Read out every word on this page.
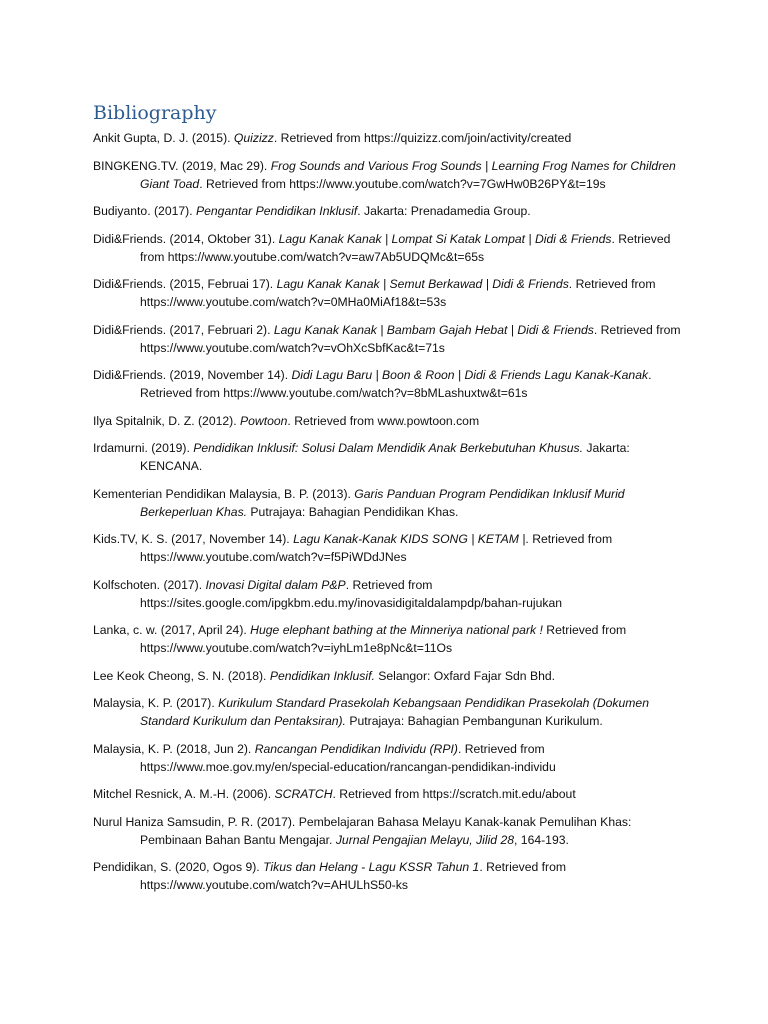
Bibliography
Ankit Gupta, D. J. (2015). Quizizz. Retrieved from https://quizizz.com/join/activity/created
BINGKENG.TV. (2019, Mac 29). Frog Sounds and Various Frog Sounds | Learning Frog Names for Children Giant Toad. Retrieved from https://www.youtube.com/watch?v=7GwHw0B26PY&t=19s
Budiyanto. (2017). Pengantar Pendidikan Inklusif. Jakarta: Prenadamedia Group.
Didi&Friends. (2014, Oktober 31). Lagu Kanak Kanak | Lompat Si Katak Lompat | Didi & Friends. Retrieved from https://www.youtube.com/watch?v=aw7Ab5UDQMc&t=65s
Didi&Friends. (2015, Februai 17). Lagu Kanak Kanak | Semut Berkawad | Didi & Friends. Retrieved from https://www.youtube.com/watch?v=0MHa0MiAf18&t=53s
Didi&Friends. (2017, Februari 2). Lagu Kanak Kanak | Bambam Gajah Hebat | Didi & Friends. Retrieved from https://www.youtube.com/watch?v=vOhXcSbfKac&t=71s
Didi&Friends. (2019, November 14). Didi Lagu Baru | Boon & Roon | Didi & Friends Lagu Kanak-Kanak. Retrieved from https://www.youtube.com/watch?v=8bMLashuxtw&t=61s
Ilya Spitalnik, D. Z. (2012). Powtoon. Retrieved from www.powtoon.com
Irdamurni. (2019). Pendidikan Inklusif: Solusi Dalam Mendidik Anak Berkebutuhan Khusus. Jakarta: KENCANA.
Kementerian Pendidikan Malaysia, B. P. (2013). Garis Panduan Program Pendidikan Inklusif Murid Berkeperluan Khas. Putrajaya: Bahagian Pendidikan Khas.
Kids.TV, K. S. (2017, November 14). Lagu Kanak-Kanak KIDS SONG | KETAM |. Retrieved from https://www.youtube.com/watch?v=f5PiWDdJNes
Kolfschoten. (2017). Inovasi Digital dalam P&P. Retrieved from https://sites.google.com/ipgkbm.edu.my/inovasidigitaldalampdp/bahan-rujukan
Lanka, c. w. (2017, April 24). Huge elephant bathing at the Minneriya national park ! Retrieved from https://www.youtube.com/watch?v=iyhLm1e8pNc&t=11Os
Lee Keok Cheong, S. N. (2018). Pendidikan Inklusif. Selangor: Oxfard Fajar Sdn Bhd.
Malaysia, K. P. (2017). Kurikulum Standard Prasekolah Kebangsaan Pendidikan Prasekolah (Dokumen Standard Kurikulum dan Pentaksiran). Putrajaya: Bahagian Pembangunan Kurikulum.
Malaysia, K. P. (2018, Jun 2). Rancangan Pendidikan Individu (RPI). Retrieved from https://www.moe.gov.my/en/special-education/rancangan-pendidikan-individu
Mitchel Resnick, A. M.-H. (2006). SCRATCH. Retrieved from https://scratch.mit.edu/about
Nurul Haniza Samsudin, P. R. (2017). Pembelajaran Bahasa Melayu Kanak-kanak Pemulihan Khas: Pembinaan Bahan Bantu Mengajar. Jurnal Pengajian Melayu, Jilid 28, 164-193.
Pendidikan, S. (2020, Ogos 9). Tikus dan Helang - Lagu KSSR Tahun 1. Retrieved from https://www.youtube.com/watch?v=AHULhS50-ks
